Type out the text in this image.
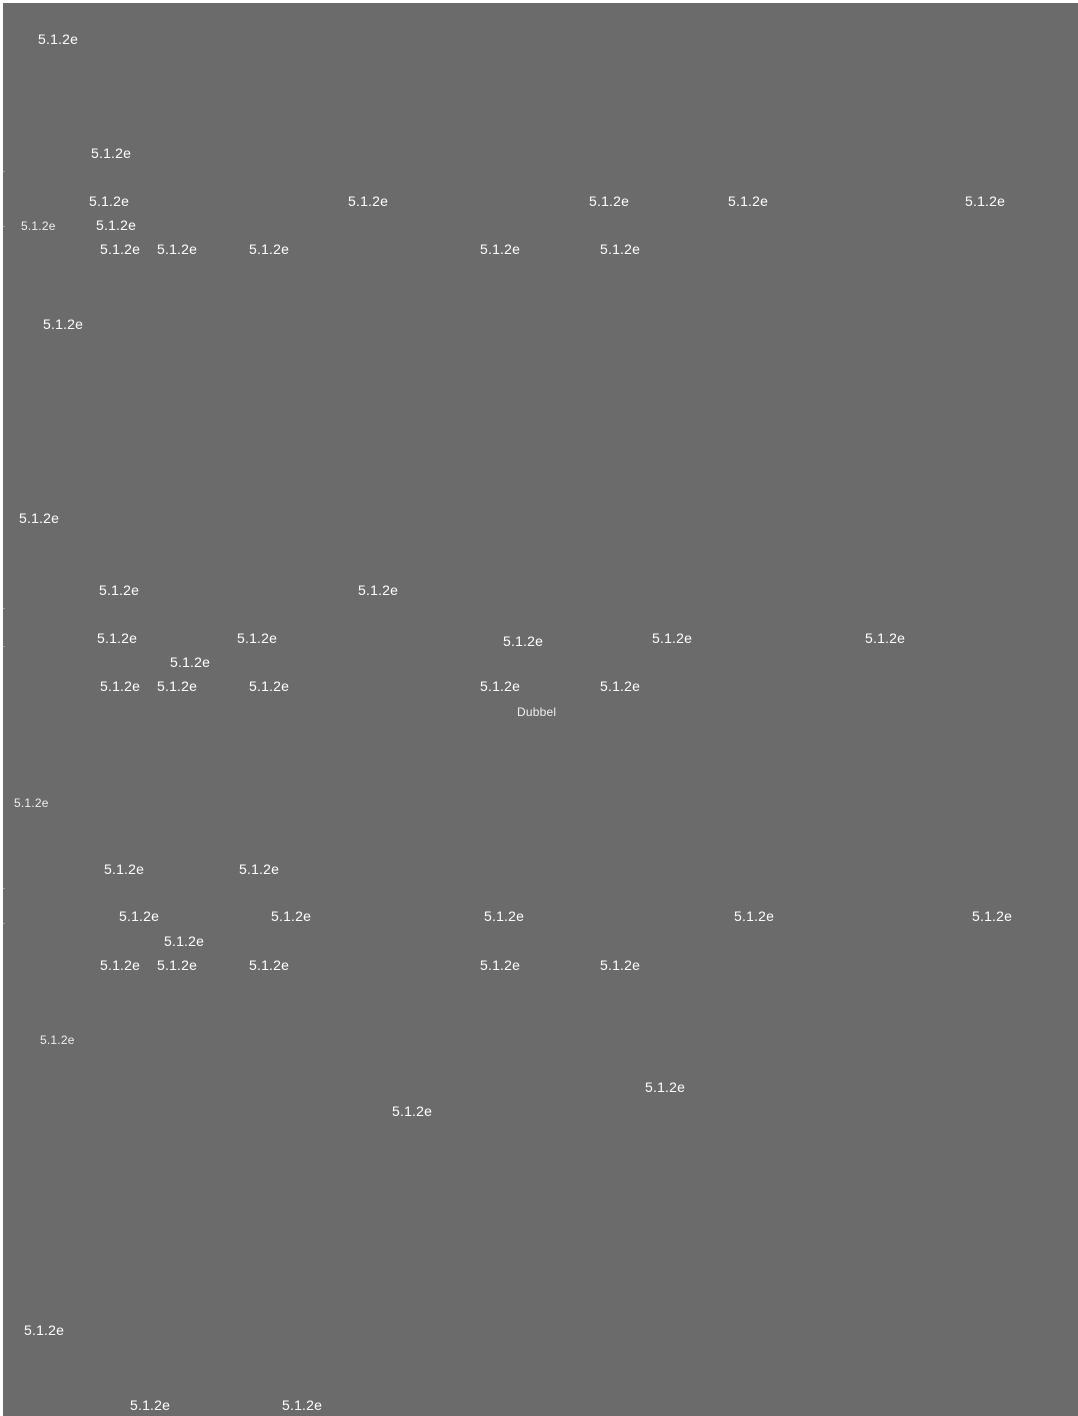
5.1.2e
5.1.2e
5.1.2e	5.1.2e	5.1.2e	5.1.2e	5.1.2e
5.1.2e	5.1.2e
5.1.2e 5.1.2e	5.1.2e	5.1.2e	5.1.2e
5.1.2e
5.1.2e
5.1.2e	5.1.2e
5.1.2e	5.1.2e	5.1.2e	5.1.2e	5.1.2e
5.1.2e
5.1.2e 5.1.2e	5.1.2e	5.1.2e	5.1.2e
Dubbel
5.1.2e
5.1.2e	5.1.2e
5.1.2e	5.1.2e	5.1.2e	5.1.2e	5.1.2e
5.1.2e
5.1.2e 5.1.2e	5.1.2e	5.1.2e	5.1.2e
5.1.2e
5.1.2e
5.1.2e
5.1.2e
5.1.2e	5.1.2e
